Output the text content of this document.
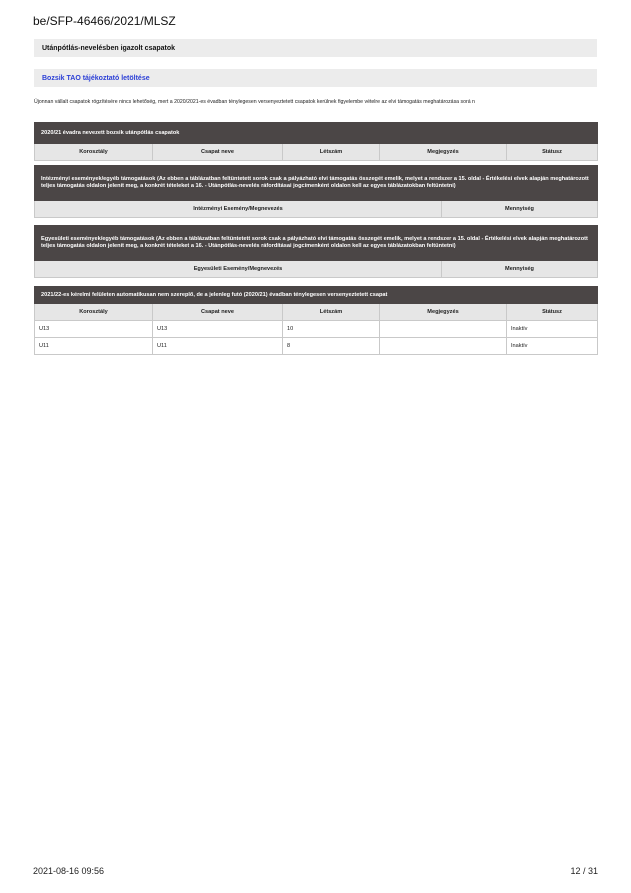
be/SFP-46466/2021/MLSZ
Utánpótlás-nevelésben igazolt csapatok
Bozsik TAO tájékoztató letöltése
Újonnan vállalt csapatok rögzítésére nincs lehetőség, mert a 2020/2021-es évadban ténylegesen versenyeztetett csapatok kerülnek figyelembe vételre az elvi támogatás meghatározása sorá n
2020/21 évadra nevezett bozsik utánpótlás csapatok
Korosztály	Csapat neve	Létszám	Megjegyzés	Státusz
Intézményi események/egyéb támogatások (Az ebben a táblázatban feltüntetett sorok csak a pályázható elvi támogatás összegét emelik, melyet a rendszer a 15. oldal - Értékelési elvek alapján meghatározott teljes támogatás oldalon jelenít meg, a konkrét tételeket a 16. - Utánpótlás-nevelés ráfordításai jogcímenként oldalon kell az egyes táblázatokban feltüntetni)
Intézményi Esemény/Megnevezés	Mennyiség
Egyesületi események/egyéb támogatások (Az ebben a táblázatban feltüntetett sorok csak a pályázható elvi támogatás összegét emelik, melyet a rendszer a 15. oldal - Értékelési elvek alapján meghatározott teljes támogatás oldalon jelenít meg, a konkrét tételeket a 16. - Utánpótlás-nevelés ráfordításai jogcímenként oldalon kell az egyes táblázatokban feltüntetni)
Egyesületi Esemény/Megnevezés	Mennyiség
2021/22-es kérelmi felületen automatikusan nem szereplő, de a jelenleg futó (2020/21) évadban ténylegesen versenyeztetett csapat				
Korosztály	Csapat neve	Létszám	Megjegyzés	Státusz
U13	U13	10		Inaktív
U11	U11	8		Inaktív
2021-08-16 09:56	12 / 31
